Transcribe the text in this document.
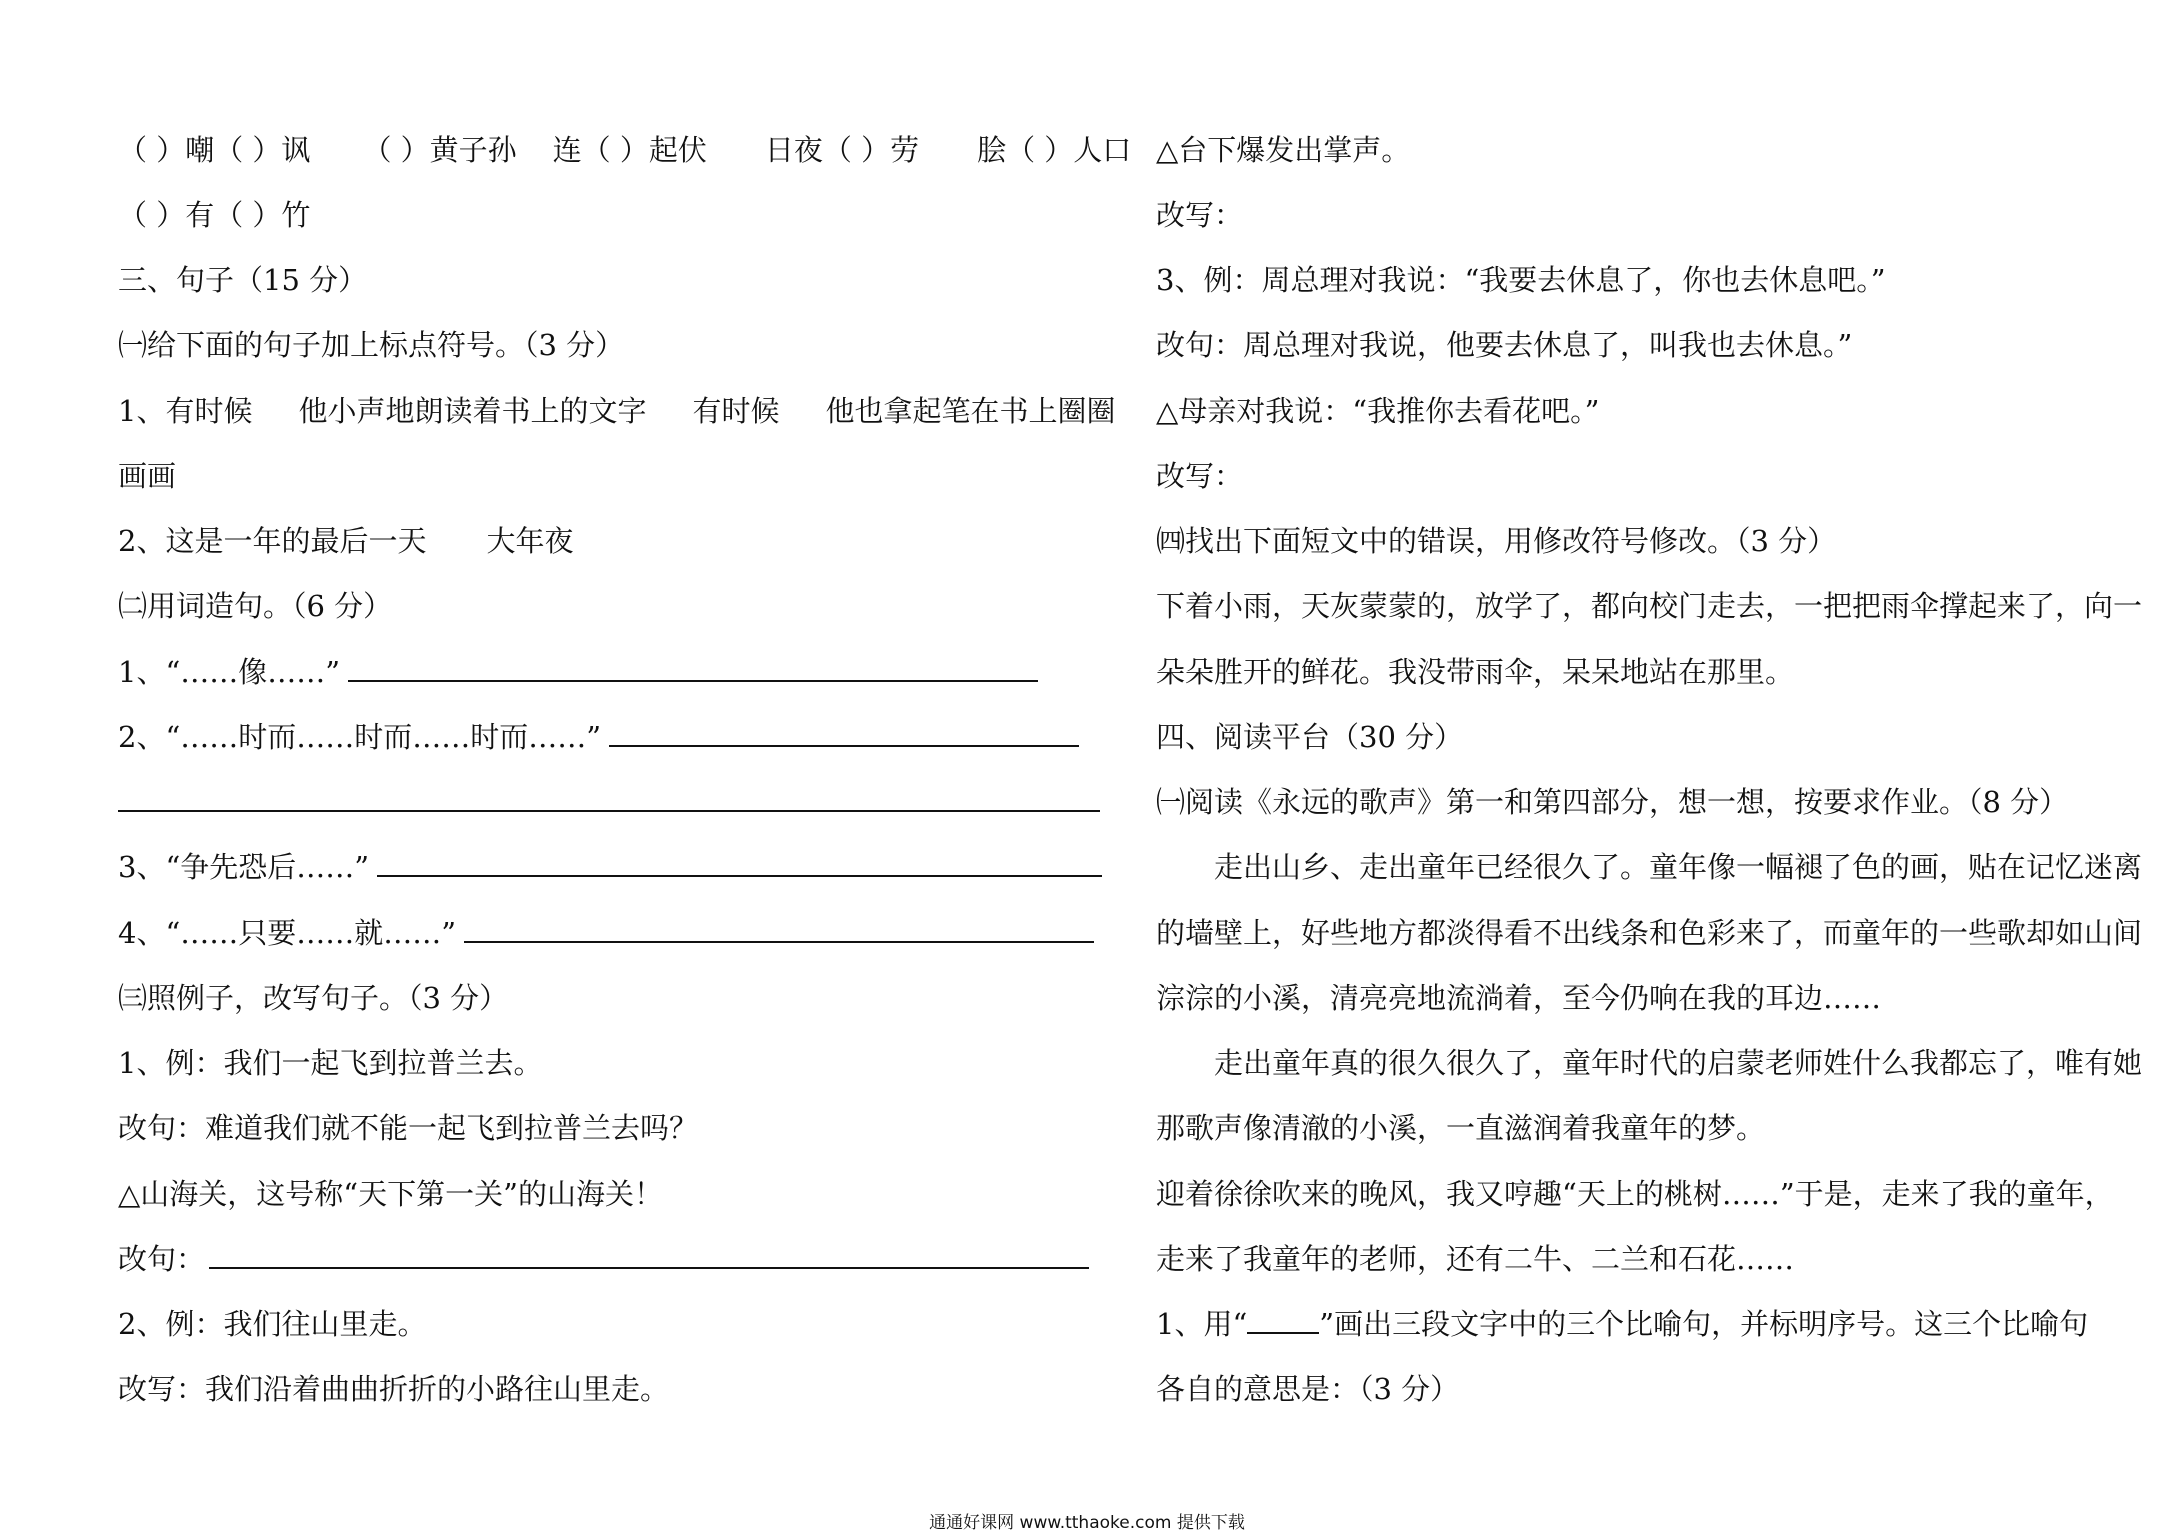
（ ）嘲（ ）讽 （ ）黄子孙 连（ ）起伏 日夜（ ）劳 脍（ ）人口
（ ）有（ ）竹
三、句子（15 分）
㈠给下面的句子加上标点符号。（3 分）
1、有时候 他小声地朗读着书上的文字 有时候 他也拿起笔在书上圈圈
画画
2、这是一年的最后一天 大年夜
㈡用词造句。（6 分）
1、“……像……”
2、“……时而……时而……时而……”
3、“争先恐后……”
4、“……只要……就……”
㈢照例子，改写句子。（3 分）
1、例：我们一起飞到拉普兰去。
改句：难道我们就不能一起飞到拉普兰去吗？
△山海关，这号称“天下第一关”的山海关！
改句：
2、例：我们往山里走。
改写：我们沿着曲曲折折的小路往山里走。
△台下爆发出掌声。
改写：
3、例：周总理对我说：“我要去休息了，你也去休息吧。”
改句：周总理对我说，他要去休息了，叫我也去休息。”
△母亲对我说：“我推你去看花吧。”
改写：
㈣找出下面短文中的错误，用修改符号修改。（3 分）
下着小雨，天灰蒙蒙的，放学了，都向校门走去，一把把雨伞撑起来了，向一
朵朵胜开的鲜花。我没带雨伞，呆呆地站在那里。
四、阅读平台（30 分）
㈠阅读《永远的歌声》第一和第四部分，想一想，按要求作业。（8 分）
走出山乡、走出童年已经很久了。童年像一幅褪了色的画，贴在记忆迷离
的墙壁上，好些地方都淡得看不出线条和色彩来了，而童年的一些歌却如山间
淙淙的小溪，清亮亮地流淌着，至今仍响在我的耳边……
走出童年真的很久很久了，童年时代的启蒙老师姓什么我都忘了，唯有她
那歌声像清澈的小溪，一直滋润着我童年的梦。
迎着徐徐吹来的晚风，我又哼趣“天上的桃树……”于是，走来了我的童年，
走来了我童年的老师，还有二牛、二兰和石花……
1、用“ ”画出三段文字中的三个比喻句，并标明序号。这三个比喻句
各自的意思是：（3 分）
通通好课网 www.tthaoke.com 提供下载
